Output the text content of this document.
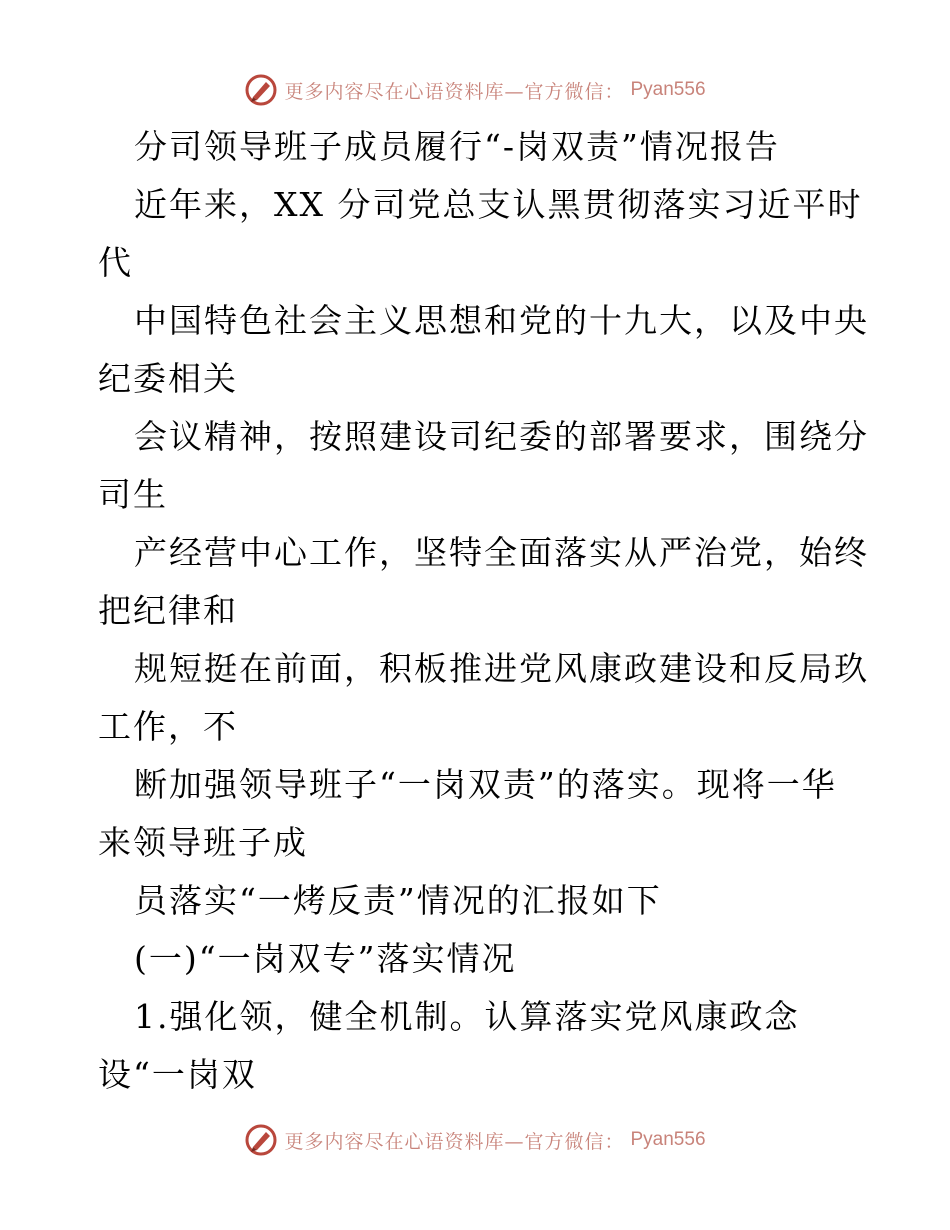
更多内容尽在心语资料库—官方微信： Pyan556
分司领导班子成员履行“-岗双责”情况报告
近年来，XX 分司党总支认黑贯彻落实习近平时
代
中国特色社会主义思想和党的十九大，以及中央
纪委相关
会议精神，按照建设司纪委的部署要求，围绕分
司生
产经营中心工作，坚特全面落实从严治党，始终
把纪律和
规短挺在前面，积板推进党风康政建设和反局玖
工作，不
断加强领导班子“一岗双责”的落实。现将一华
来领导班子成
员落实“一烤反责”情况的汇报如下
(一)“一岗双专”落实情况
1.强化领，健全机制。认算落实党风康政念
设“一岗双
更多内容尽在心语资料库—官方微信： Pyan556
